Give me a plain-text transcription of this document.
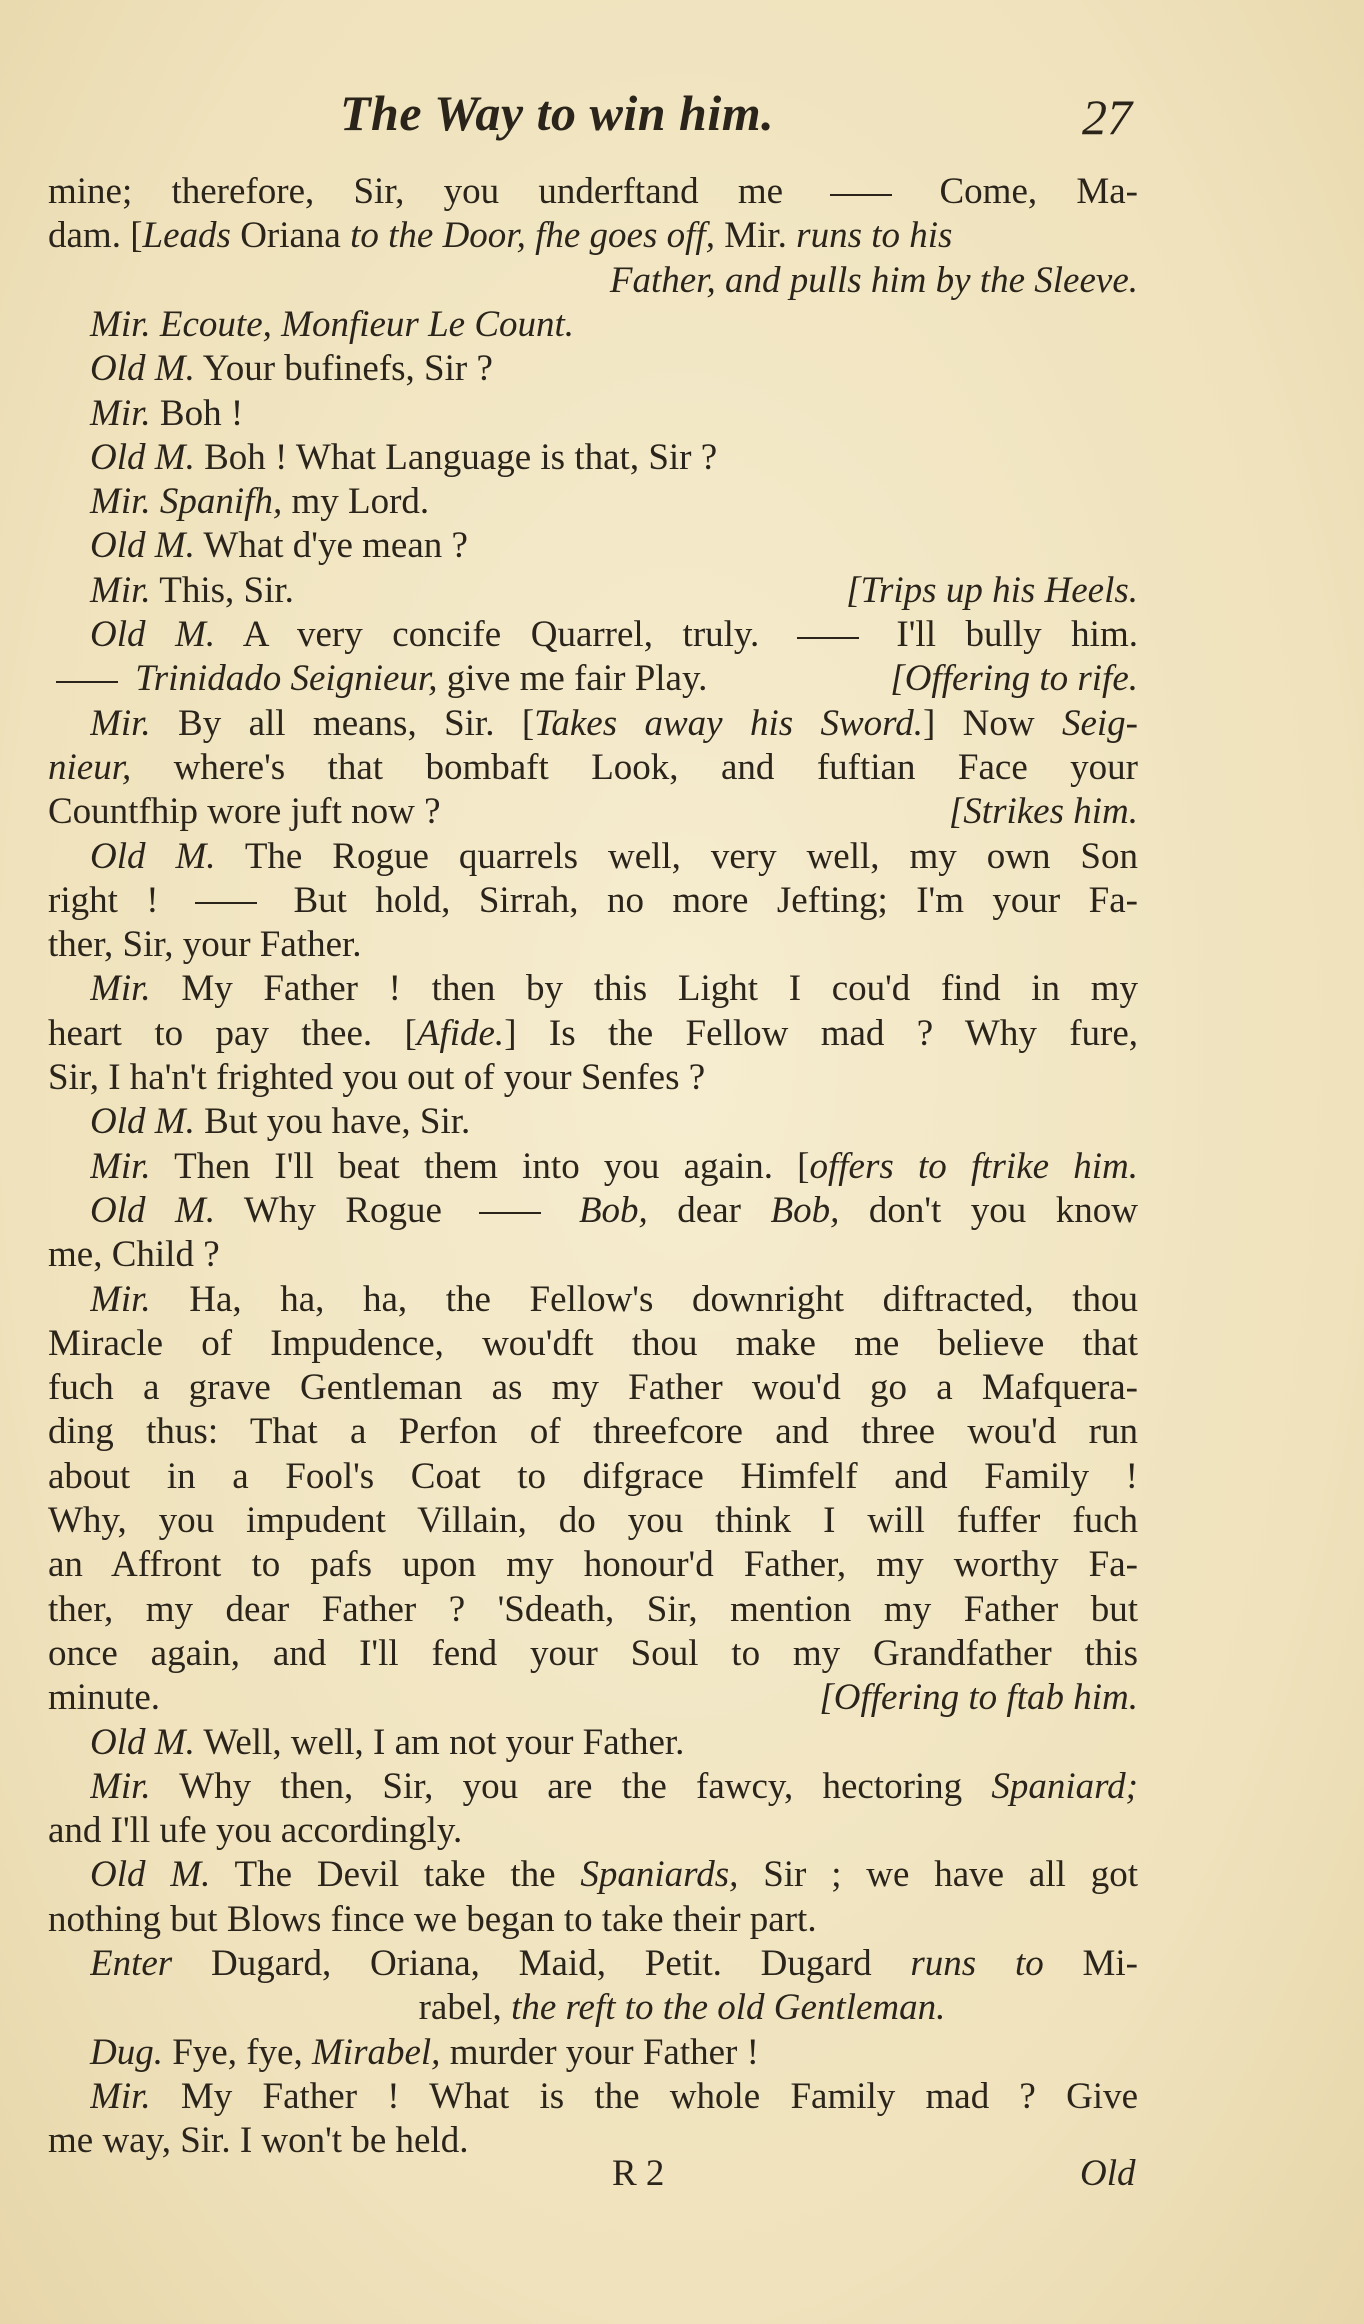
The Way to win him.	27
mine; therefore, Sir, you underftand me  Come, Ma-
dam. [Leads Oriana to the Door, fhe goes off, Mir. runs to his
Father, and pulls him by the Sleeve.
Mir. Ecoute, Monfieur Le Count.
Old M. Your bufinefs, Sir ?
Mir. Boh !
Old M. Boh ! What Language is that, Sir ?
Mir. Spanifh, my Lord.
Old M. What d'ye mean ?
Mir. This, Sir.	[Trips up his Heels.
Old M. A very concife Quarrel, truly.  I'll bully him.
Trinidado Seignieur, give me fair Play.	[Offering to rife.
Mir. By all means, Sir. [Takes away his Sword.] Now Seig-
nieur, where's that bombaft Look, and fuftian Face your
Countfhip wore juft now ?	[Strikes him.
Old M. The Rogue quarrels well, very well, my own Son
right !  But hold, Sirrah, no more Jefting; I'm your Fa-
ther, Sir, your Father.
Mir. My Father ! then by this Light I cou'd find in my
heart to pay thee. [Afide.] Is the Fellow mad ? Why fure,
Sir, I ha'n't frighted you out of your Senfes ?
Old M. But you have, Sir.
Mir. Then I'll beat them into you again. [offers to ftrike him.
Old M. Why Rogue  Bob, dear Bob, don't you know
me, Child ?
Mir. Ha, ha, ha, the Fellow's downright diftracted, thou
Miracle of Impudence, wou'dft thou make me believe that
fuch a grave Gentleman as my Father wou'd go a Mafquera-
ding thus: That a Perfon of threefcore and three wou'd run
about in a Fool's Coat to difgrace Himfelf and Family !
Why, you impudent Villain, do you think I will fuffer fuch
an Affront to pafs upon my honour'd Father, my worthy Fa-
ther, my dear Father ? 'Sdeath, Sir, mention my Father but
once again, and I'll fend your Soul to my Grandfather this
minute.	[Offering to ftab him.
Old M. Well, well, I am not your Father.
Mir. Why then, Sir, you are the fawcy, hectoring Spaniard;
and I'll ufe you accordingly.
Old M. The Devil take the Spaniards, Sir ; we have all got
nothing but Blows fince we began to take their part.
Enter Dugard, Oriana, Maid, Petit. Dugard runs to Mi-
rabel, the reft to the old Gentleman.
Dug. Fye, fye, Mirabel, murder your Father !
Mir. My Father ! What is the whole Family mad ? Give
me way, Sir. I won't be held.
R 2	Old
